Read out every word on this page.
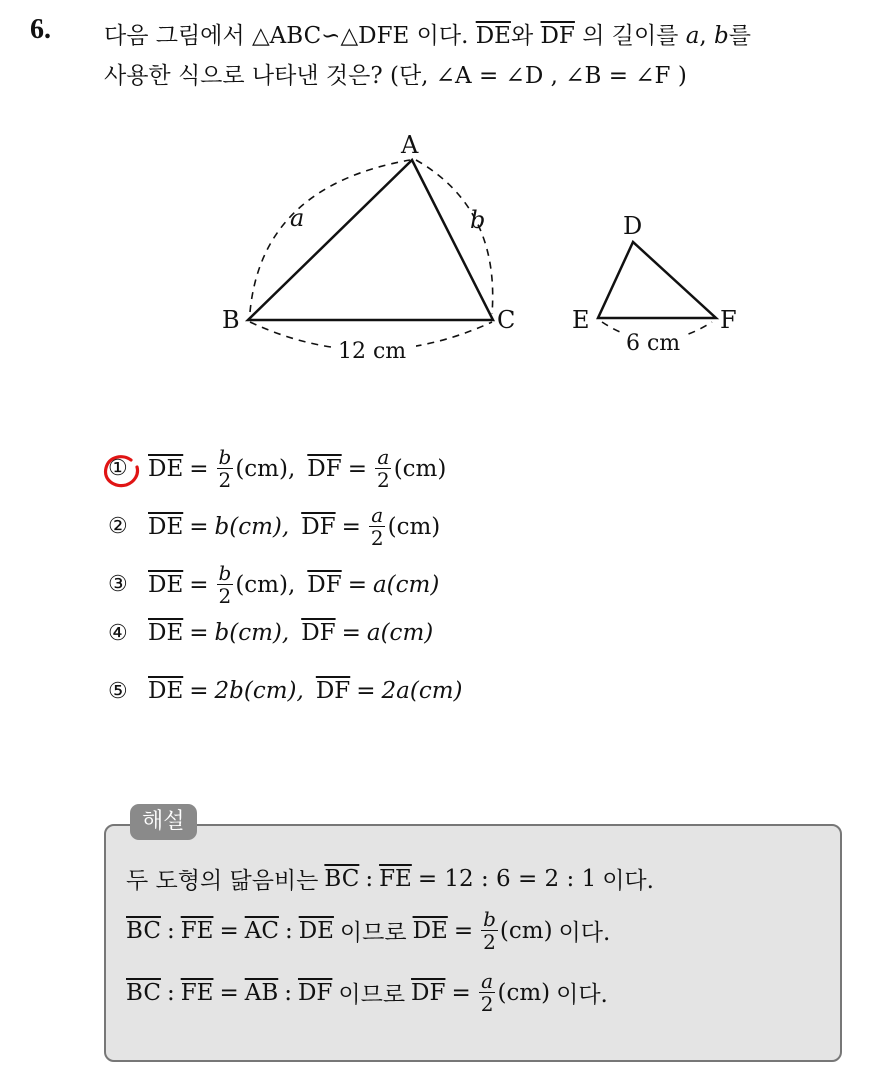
6. 다음 그림에서 △ABC∽△DFE 이다. $\overline{DE}$와 $\overline{DF}$ 의 길이를 a, b를
사용한 식으로 나타낸 것은? (단, ∠A = ∠D , ∠B = ∠F )
A
B	C
D
E	F
a	b
12 cm	6 cm
① $\overline{DE} = \frac{b}{2} (cm)$, $\overline{DF} = \frac{a}{2} (cm)$
② $\overline{DE} = b(cm)$, $\overline{DF} = \frac{a}{2} (cm)$
③ $\overline{DE} = \frac{b}{2} (cm)$, $\overline{DF} = a(cm)$
④ $\overline{DE} = b(cm)$, $\overline{DF} = a(cm)$
⑤ $\overline{DE} = 2b(cm)$, $\overline{DF} = 2a(cm)$
해설
두 도형의 닮음비는 $\overline{BC}$ : $\overline{FE} = 12$ : 6 = 2 : 1 이다.
$\overline{BC}$ : $\overline{FE} = \overline{AC}$ : $\overline{DE}$ 이므로 $\overline{DE} = \frac{b}{2} (cm)$ 이다.
$\overline{BC}$ : $\overline{FE} = \overline{AB}$ : $\overline{DF}$ 이므로 $\overline{DF} = \frac{a}{2} (cm)$ 이다.
